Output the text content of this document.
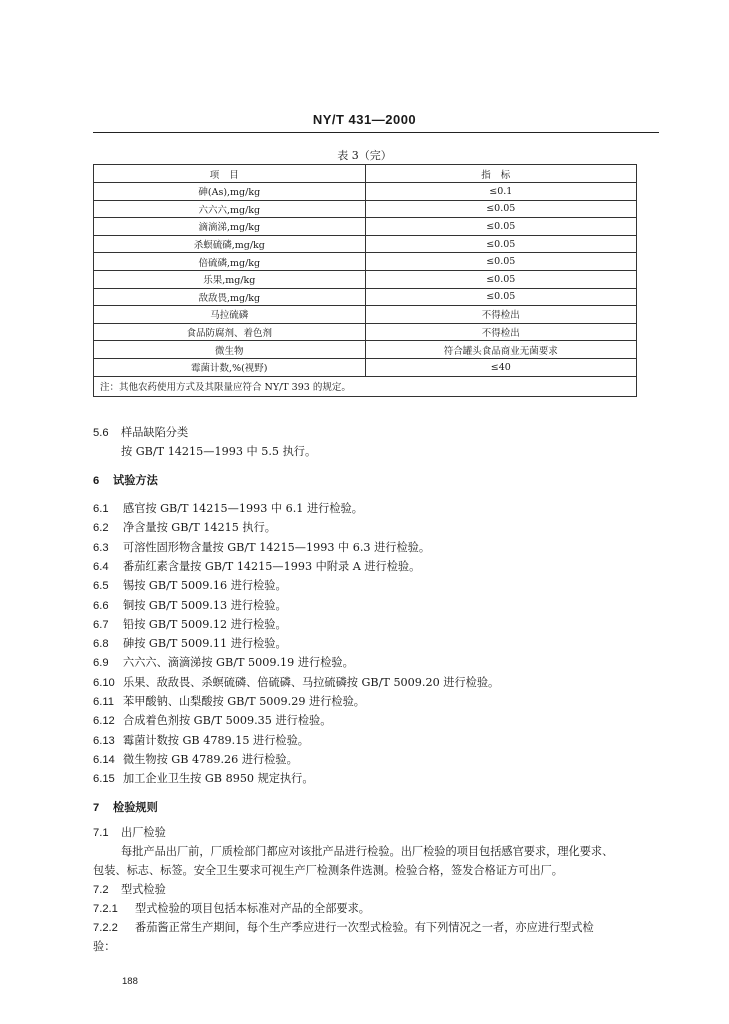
NY/T 431—2000
表 3（完）
项目	指标
砷(As),mg/kg	≤0.1
六六六,mg/kg	≤0.05
滴滴涕,mg/kg	≤0.05
杀螟硫磷,mg/kg	≤0.05
倍硫磷,mg/kg	≤0.05
乐果,mg/kg	≤0.05
敌敌畏,mg/kg	≤0.05
马拉硫磷	不得检出
食品防腐剂、着色剂	不得检出
微生物	符合罐头食品商业无菌要求
霉菌计数,%(视野)	≤40
注：其他农药使用方式及其限量应符合 NY/T 393 的规定。	
5.6 样品缺陷分类
按 GB/T 14215—1993 中 5.5 执行。
6 试验方法
6.1 感官按 GB/T 14215—1993 中 6.1 进行检验。
6.2 净含量按 GB/T 14215 执行。
6.3 可溶性固形物含量按 GB/T 14215—1993 中 6.3 进行检验。
6.4 番茄红素含量按 GB/T 14215—1993 中附录 A 进行检验。
6.5 锡按 GB/T 5009.16 进行检验。
6.6 铜按 GB/T 5009.13 进行检验。
6.7 铅按 GB/T 5009.12 进行检验。
6.8 砷按 GB/T 5009.11 进行检验。
6.9 六六六、滴滴涕按 GB/T 5009.19 进行检验。
6.10 乐果、敌敌畏、杀螟硫磷、倍硫磷、马拉硫磷按 GB/T 5009.20 进行检验。
6.11 苯甲酸钠、山梨酸按 GB/T 5009.29 进行检验。
6.12 合成着色剂按 GB/T 5009.35 进行检验。
6.13 霉菌计数按 GB 4789.15 进行检验。
6.14 微生物按 GB 4789.26 进行检验。
6.15 加工企业卫生按 GB 8950 规定执行。
7 检验规则
7.1 出厂检验
每批产品出厂前，厂质检部门都应对该批产品进行检验。出厂检验的项目包括感官要求，理化要求、
包装、标志、标签。安全卫生要求可视生产厂检测条件选测。检验合格，签发合格证方可出厂。
7.2 型式检验
7.2.1 型式检验的项目包括本标准对产品的全部要求。
7.2.2 番茄酱正常生产期间，每个生产季应进行一次型式检验。有下列情况之一者，亦应进行型式检
验：
188
